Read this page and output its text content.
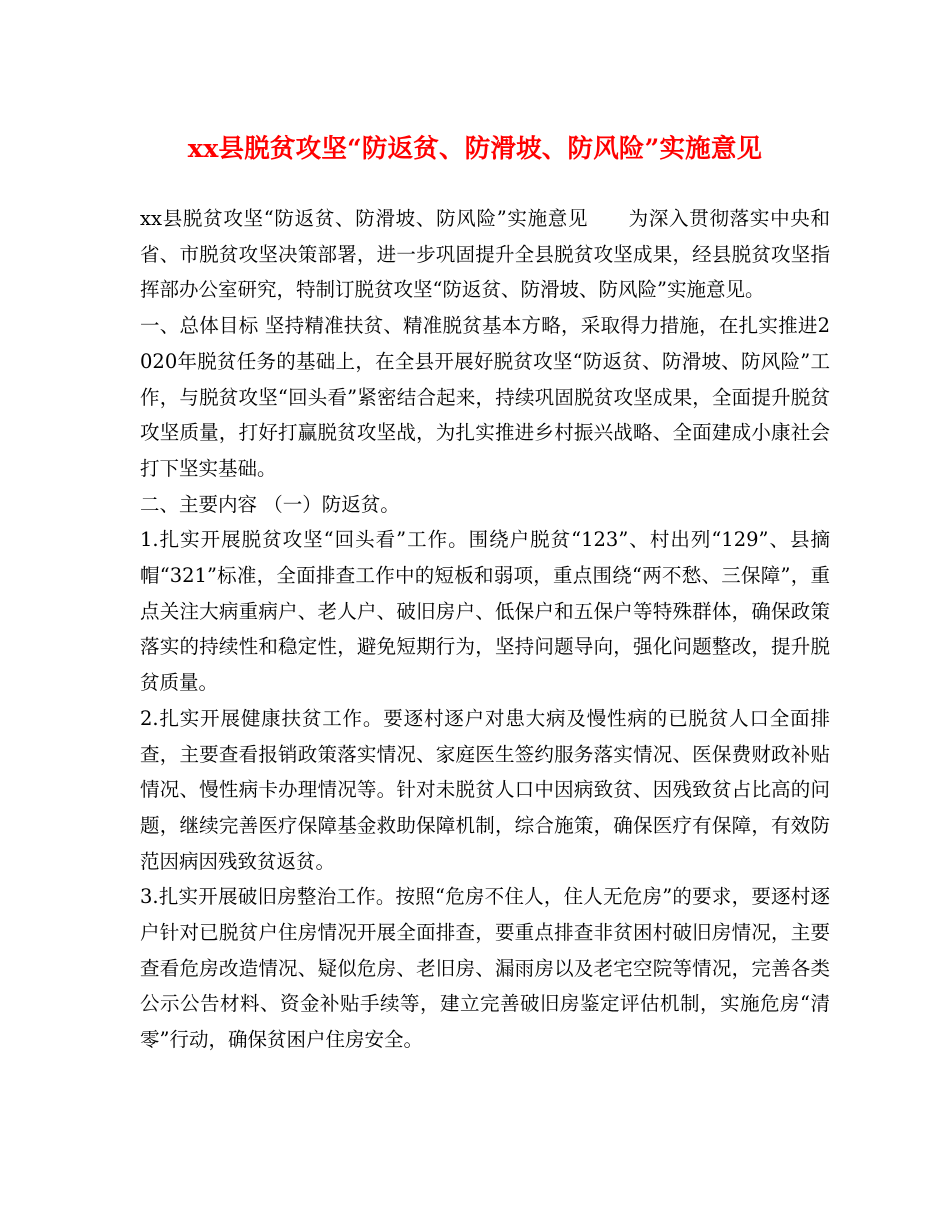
xx县脱贫攻坚“防返贫、防滑坡、防风险”实施意见

xx县脱贫攻坚“防返贫、防滑坡、防风险”实施意见　　为深入贯彻落实中央和省、市脱贫攻坚决策部署，进一步巩固提升全县脱贫攻坚成果，经县脱贫攻坚指挥部办公室研究，特制订脱贫攻坚“防返贫、防滑坡、防风险”实施意见。

一、总体目标 坚持精准扶贫、精准脱贫基本方略，采取得力措施，在扎实推进2020年脱贫任务的基础上，在全县开展好脱贫攻坚“防返贫、防滑坡、防风险”工作，与脱贫攻坚“回头看”紧密结合起来，持续巩固脱贫攻坚成果，全面提升脱贫攻坚质量，打好打赢脱贫攻坚战，为扎实推进乡村振兴战略、全面建成小康社会打下坚实基础。

二、主要内容 （一）防返贫。

1.扎实开展脱贫攻坚“回头看”工作。围绕户脱贫“123”、村出列“129”、县摘帽“321”标准，全面排查工作中的短板和弱项，重点围绕“两不愁、三保障”，重点关注大病重病户、老人户、破旧房户、低保户和五保户等特殊群体，确保政策落实的持续性和稳定性，避免短期行为，坚持问题导向，强化问题整改，提升脱贫质量。

2.扎实开展健康扶贫工作。要逐村逐户对患大病及慢性病的已脱贫人口全面排查，主要查看报销政策落实情况、家庭医生签约服务落实情况、医保费财政补贴情况、慢性病卡办理情况等。针对未脱贫人口中因病致贫、因残致贫占比高的问题，继续完善医疗保障基金救助保障机制，综合施策，确保医疗有保障，有效防范因病因残致贫返贫。

3.扎实开展破旧房整治工作。按照“危房不住人，住人无危房”的要求，要逐村逐户针对已脱贫户住房情况开展全面排查，要重点排查非贫困村破旧房情况，主要查看危房改造情况、疑似危房、老旧房、漏雨房以及老宅空院等情况，完善各类公示公告材料、资金补贴手续等，建立完善破旧房鉴定评估机制，实施危房“清零”行动，确保贫困户住房安全。
